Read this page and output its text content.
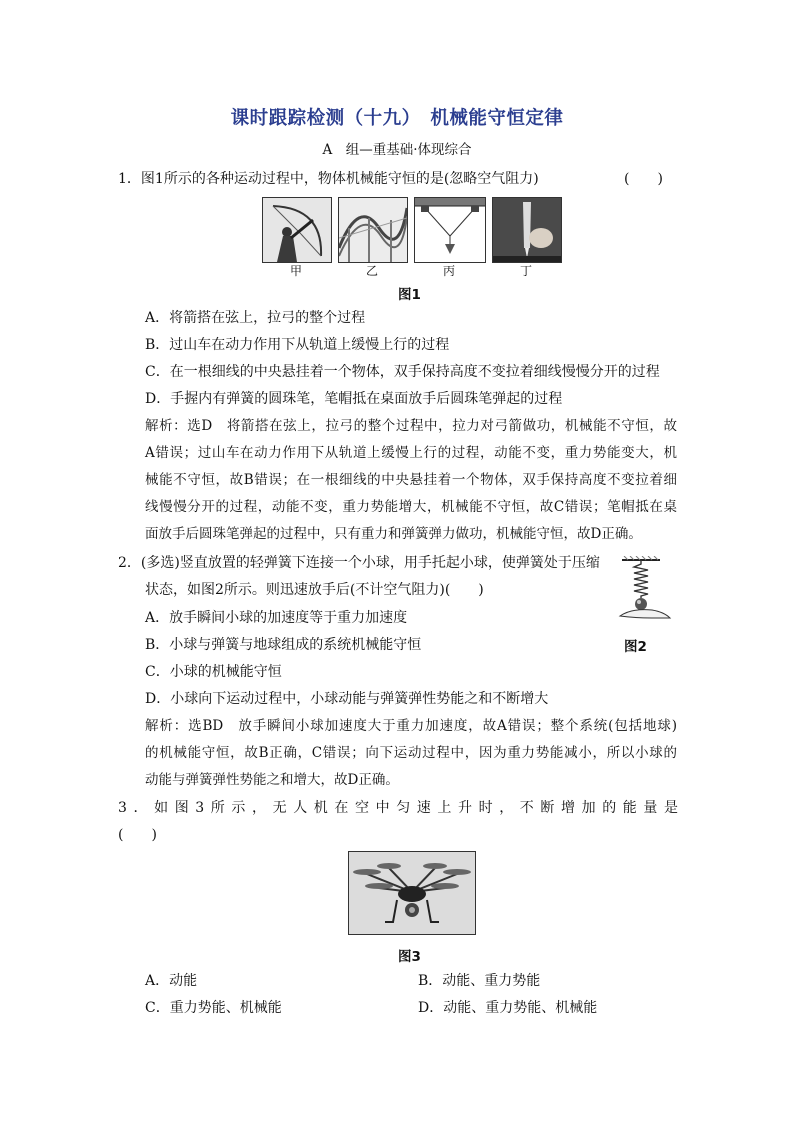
课时跟踪检测（十九）　机械能守恒定律
A　组—重基础·体现综合
1．图1所示的各种运动过程中，物体机械能守恒的是(忽略空气阻力)	(　　)
甲	乙	丙	丁
图1
A．将箭搭在弦上，拉弓的整个过程
B．过山车在动力作用下从轨道上缓慢上行的过程
C．在一根细线的中央悬挂着一个物体，双手保持高度不变拉着细线慢慢分开的过程
D．手握内有弹簧的圆珠笔，笔帽抵在桌面放手后圆珠笔弹起的过程
解析：选D　将箭搭在弦上，拉弓的整个过程中，拉力对弓箭做功，机械能不守恒，故
A错误；过山车在动力作用下从轨道上缓慢上行的过程，动能不变，重力势能变大，机
械能不守恒，故B错误；在一根细线的中央悬挂着一个物体，双手保持高度不变拉着细
线慢慢分开的过程，动能不变，重力势能增大，机械能不守恒，故C错误；笔帽抵在桌
面放手后圆珠笔弹起的过程中，只有重力和弹簧弹力做功，机械能守恒，故D正确。
2．(多选)竖直放置的轻弹簧下连接一个小球，用手托起小球，使弹簧处于压缩
状态，如图2所示。则迅速放手后(不计空气阻力)(　　)
图2
A．放手瞬间小球的加速度等于重力加速度
B．小球与弹簧与地球组成的系统机械能守恒
C．小球的机械能守恒
D．小球向下运动过程中，小球动能与弹簧弹性势能之和不断增大
解析：选BD　放手瞬间小球加速度大于重力加速度，故A错误；整个系统(包括地球)
的机械能守恒，故B正确，C错误；向下运动过程中，因为重力势能减小，所以小球的
动能与弹簧弹性势能之和增大，故D正确。
3．如图3所示，无人机在空中匀速上升时，不断增加的能量是
(　　)
图3
A．动能	B．动能、重力势能
C．重力势能、机械能	D．动能、重力势能、机械能
